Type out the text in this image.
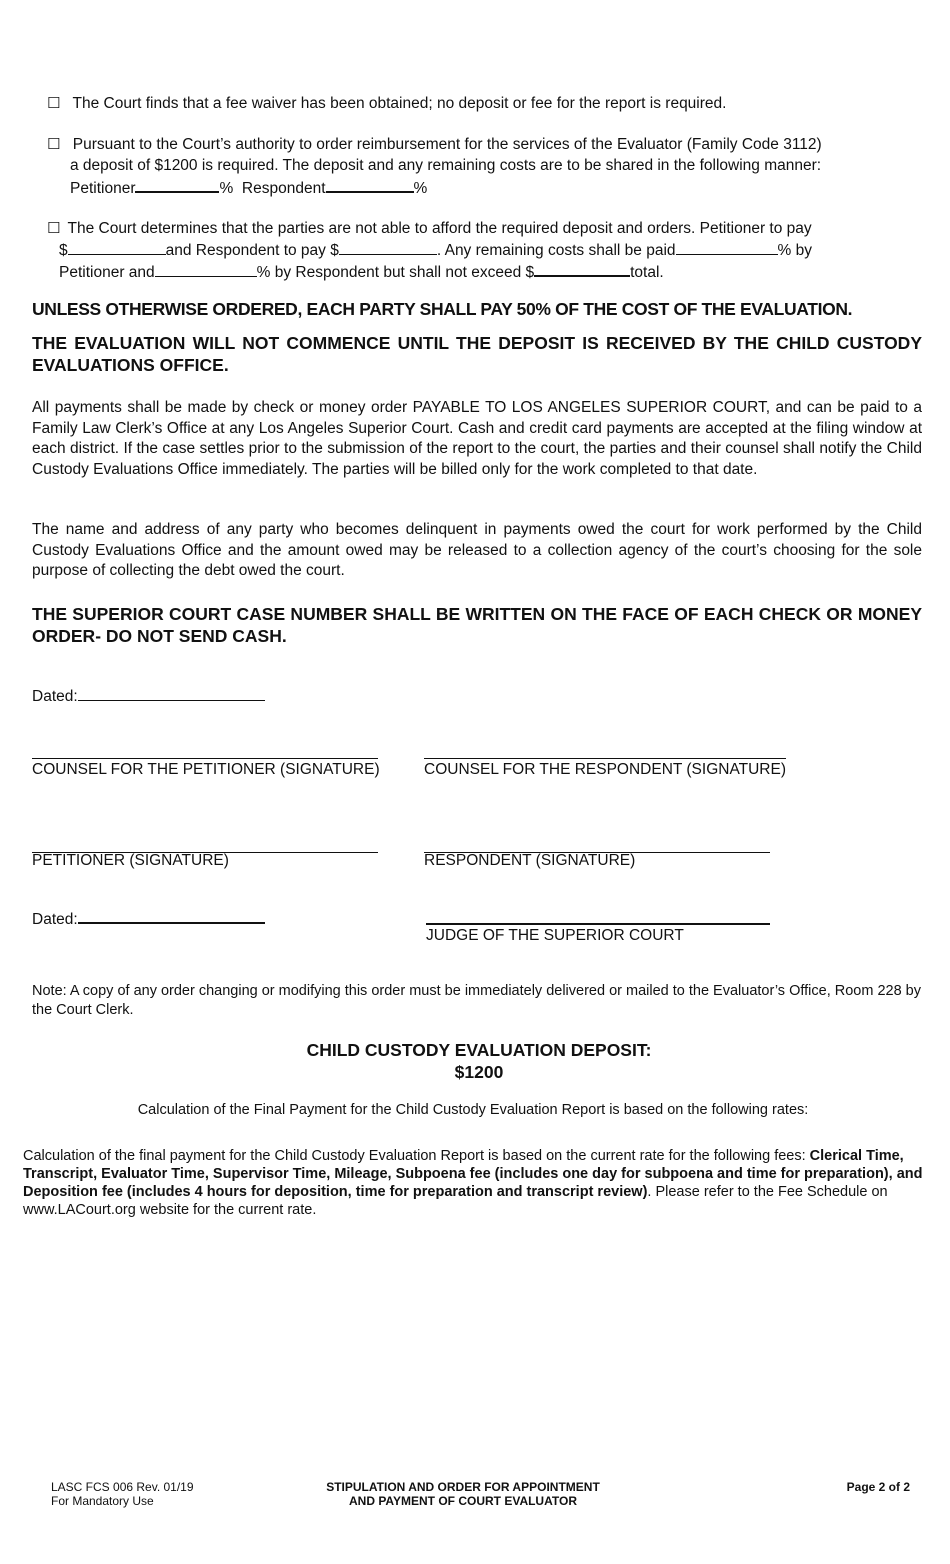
☐ The Court finds that a fee waiver has been obtained; no deposit or fee for the report is required.
☐ Pursuant to the Court’s authority to order reimbursement for the services of the Evaluator (Family Code 3112)
a deposit of $1200 is required. The deposit and any remaining costs are to be shared in the following manner:
Petitioner	% Respondent	%
☐ The Court determines that the parties are not able to afford the required deposit and orders. Petitioner to pay
$	and Respondent to pay $	. Any remaining costs shall be paid	% by
Petitioner and	% by Respondent but shall not exceed $	total.
UNLESS OTHERWISE ORDERED, EACH PARTY SHALL PAY 50% OF THE COST OF THE EVALUATION.
THE EVALUATION WILL NOT COMMENCE UNTIL THE DEPOSIT IS RECEIVED BY THE CHILD CUSTODY EVALUATIONS OFFICE.
All payments shall be made by check or money order PAYABLE TO LOS ANGELES SUPERIOR COURT, and can be paid to a Family Law Clerk’s Office at any Los Angeles Superior Court. Cash and credit card payments are accepted at the filing window at each district. If the case settles prior to the submission of the report to the court, the parties and their counsel shall notify the Child Custody Evaluations Office immediately. The parties will be billed only for the work completed to that date.
The name and address of any party who becomes delinquent in payments owed the court for work performed by the Child Custody Evaluations Office and the amount owed may be released to a collection agency of the court’s choosing for the sole purpose of collecting the debt owed the court.
THE SUPERIOR COURT CASE NUMBER SHALL BE WRITTEN ON THE FACE OF EACH CHECK OR MONEY ORDER- DO NOT SEND CASH.
Dated:
COUNSEL FOR THE PETITIONER (SIGNATURE)	COUNSEL FOR THE RESPONDENT (SIGNATURE)
PETITIONER (SIGNATURE)	RESPONDENT (SIGNATURE)
Dated:
JUDGE OF THE SUPERIOR COURT
Note: A copy of any order changing or modifying this order must be immediately delivered or mailed to the Evaluator’s Office, Room 228 by the Court Clerk.
CHILD CUSTODY EVALUATION DEPOSIT:
$1200
Calculation of the Final Payment for the Child Custody Evaluation Report is based on the following rates:
Calculation of the final payment for the Child Custody Evaluation Report is based on the current rate for the following fees: Clerical Time, Transcript, Evaluator Time, Supervisor Time, Mileage, Subpoena fee (includes one day for subpoena and time for preparation), and Deposition fee (includes 4 hours for deposition, time for preparation and transcript review). Please refer to the Fee Schedule on www.LACourt.org website for the current rate.
LASC FCS 006 Rev. 01/19
For Mandatory Use
STIPULATION AND ORDER FOR APPOINTMENT
AND PAYMENT OF COURT EVALUATOR
Page 2 of 2
